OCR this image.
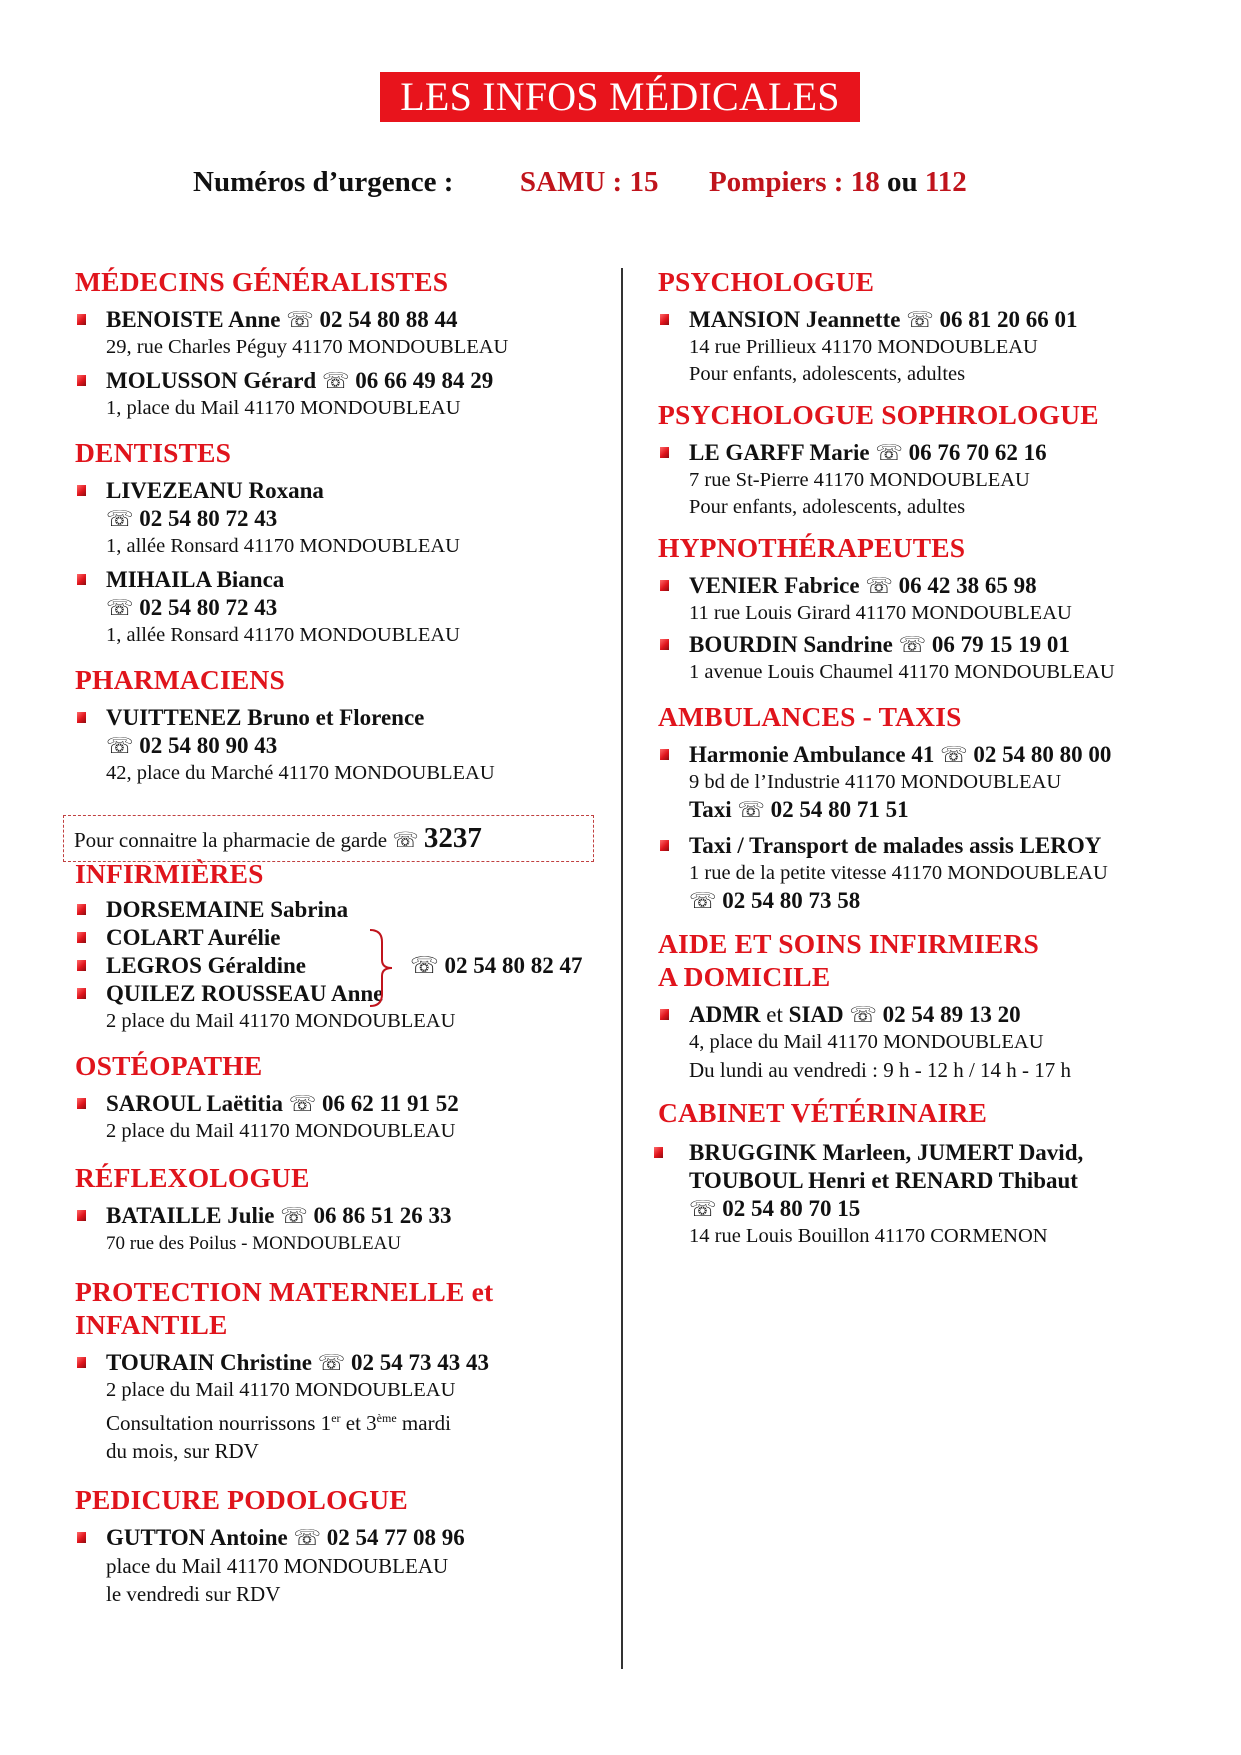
LES INFOS MÉDICALES
Numéros d’urgence : SAMU : 15 Pompiers : 18 ou 112
MÉDECINS GÉNÉRALISTES
BENOISTE Anne ☏ 02 54 80 88 44
29, rue Charles Péguy 41170 MONDOUBLEAU
MOLUSSON Gérard ☏ 06 66 49 84 29
1, place du Mail 41170 MONDOUBLEAU
DENTISTES
LIVEZEANU Roxana
☏ 02 54 80 72 43
1, allée Ronsard 41170 MONDOUBLEAU
MIHAILA Bianca
☏ 02 54 80 72 43
1, allée Ronsard 41170 MONDOUBLEAU
PHARMACIENS
VUITTENEZ Bruno et Florence
☏ 02 54 80 90 43
42, place du Marché 41170 MONDOUBLEAU
INFIRMIÈRES
DORSEMAINE Sabrina
COLART Aurélie
LEGROS Géraldine
QUILEZ ROUSSEAU Anne
2 place du Mail 41170 MONDOUBLEAU
OSTÉOPATHE
SAROUL Laëtitia ☏ 06 62 11 91 52
2 place du Mail 41170 MONDOUBLEAU
RÉFLEXOLOGUE
BATAILLE Julie ☏ 06 86 51 26 33
70 rue des Poilus - MONDOUBLEAU
PROTECTION MATERNELLE et
INFANTILE
TOURAIN Christine ☏ 02 54 73 43 43
2 place du Mail 41170 MONDOUBLEAU
Consultation nourrissons 1er et 3ème mardi
du mois, sur RDV
PEDICURE PODOLOGUE
GUTTON Antoine ☏ 02 54 77 08 96
place du Mail 41170 MONDOUBLEAU
le vendredi sur RDV
Pour connaitre la pharmacie de garde ☏ 3237
☏ 02 54 80 82 47
PSYCHOLOGUE
MANSION Jeannette ☏ 06 81 20 66 01
14 rue Prillieux 41170 MONDOUBLEAU
Pour enfants, adolescents, adultes
PSYCHOLOGUE SOPHROLOGUE
LE GARFF Marie ☏ 06 76 70 62 16
7 rue St-Pierre 41170 MONDOUBLEAU
Pour enfants, adolescents, adultes
HYPNOTHÉRAPEUTES
VENIER Fabrice ☏ 06 42 38 65 98
11 rue Louis Girard 41170 MONDOUBLEAU
BOURDIN Sandrine ☏ 06 79 15 19 01
1 avenue Louis Chaumel 41170 MONDOUBLEAU
AMBULANCES - TAXIS
Harmonie Ambulance 41 ☏ 02 54 80 80 00
9 bd de l’Industrie 41170 MONDOUBLEAU
Taxi ☏ 02 54 80 71 51
Taxi / Transport de malades assis LEROY
1 rue de la petite vitesse 41170 MONDOUBLEAU
☏ 02 54 80 73 58
AIDE ET SOINS INFIRMIERS
A DOMICILE
ADMR et SIAD ☏ 02 54 89 13 20
4, place du Mail 41170 MONDOUBLEAU
Du lundi au vendredi : 9 h - 12 h / 14 h - 17 h
CABINET VÉTÉRINAIRE
BRUGGINK Marleen, JUMERT David,
TOUBOUL Henri et RENARD Thibaut
☏ 02 54 80 70 15
14 rue Louis Bouillon 41170 CORMENON
